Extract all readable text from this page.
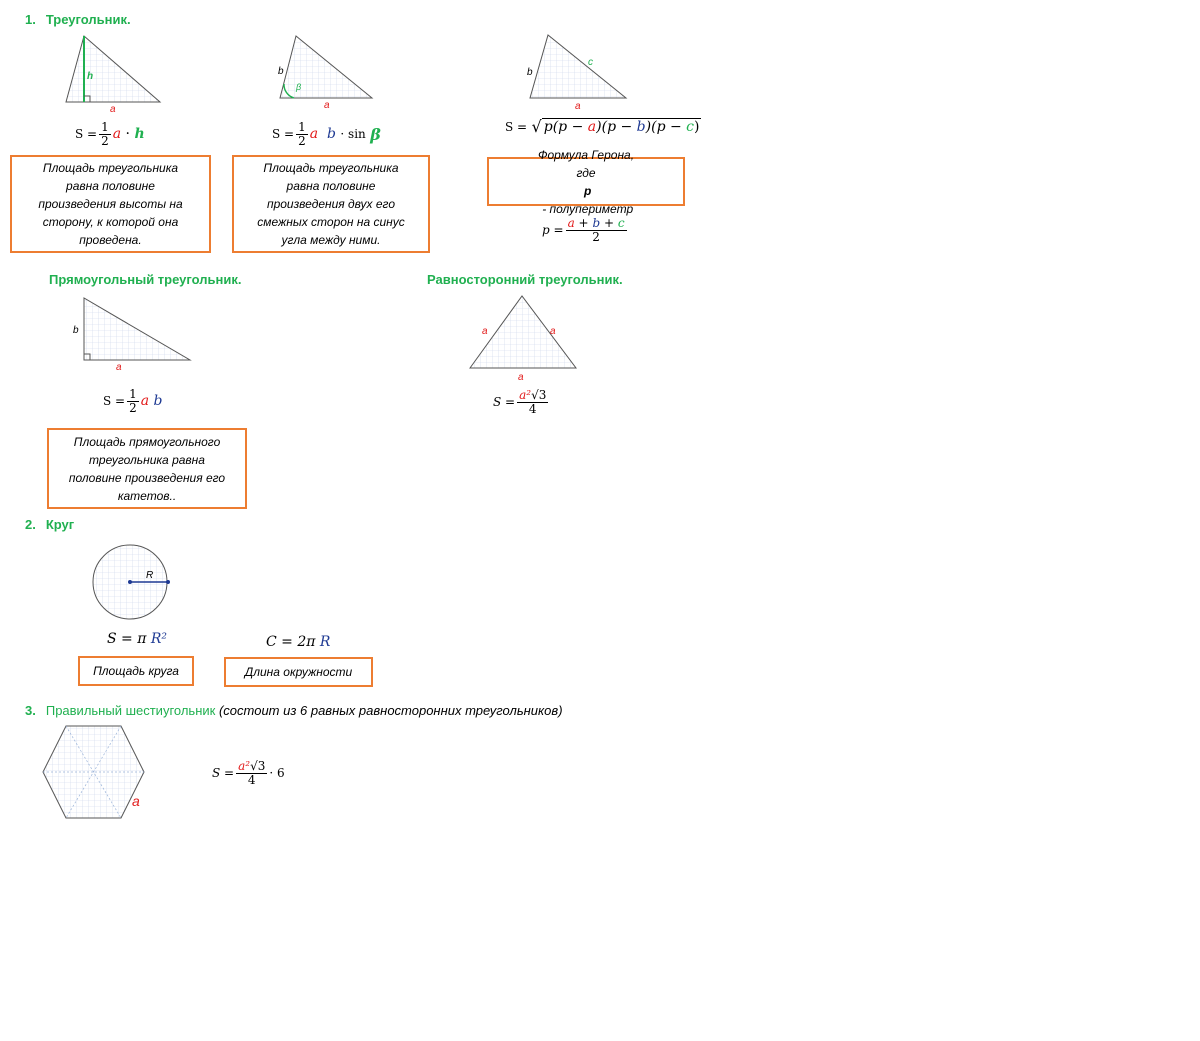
1. Треугольник.
h
a
$S = \frac{1}{2}$ a
·
h
Площадь треугольника
равна половине
произведения высоты на
сторону, к которой она
проведена.
b
β
a
$S = \frac{1}{2}$ a
b
· sin
β
Площадь треугольника
равна половине
произведения двух его
смежных сторон на синус
угла между ними.
b
c
a
S =
√ p(p − a)(p − b)(p − c)
Формула Герона,
где
p
- полупериметр
$p = \frac{a + b + c}{2}$
Прямоугольный треугольник.
b
a
$S = \frac{1}{2}$ a
b
Площадь прямоугольного
треугольника равна
половине произведения его
катетов..
Равносторонний треугольник.
a	a
a
$S = \frac{\text{a²√3}}{4}$
2. Круг
R
S = π
R²	C = 2π
R
Площадь круга	Длина окружности
3. Правильный шестиугольник (состоит из 6 равных равносторонних треугольников)
a
$S = \frac{\text{a²√3}}{4} \cdot 6$
